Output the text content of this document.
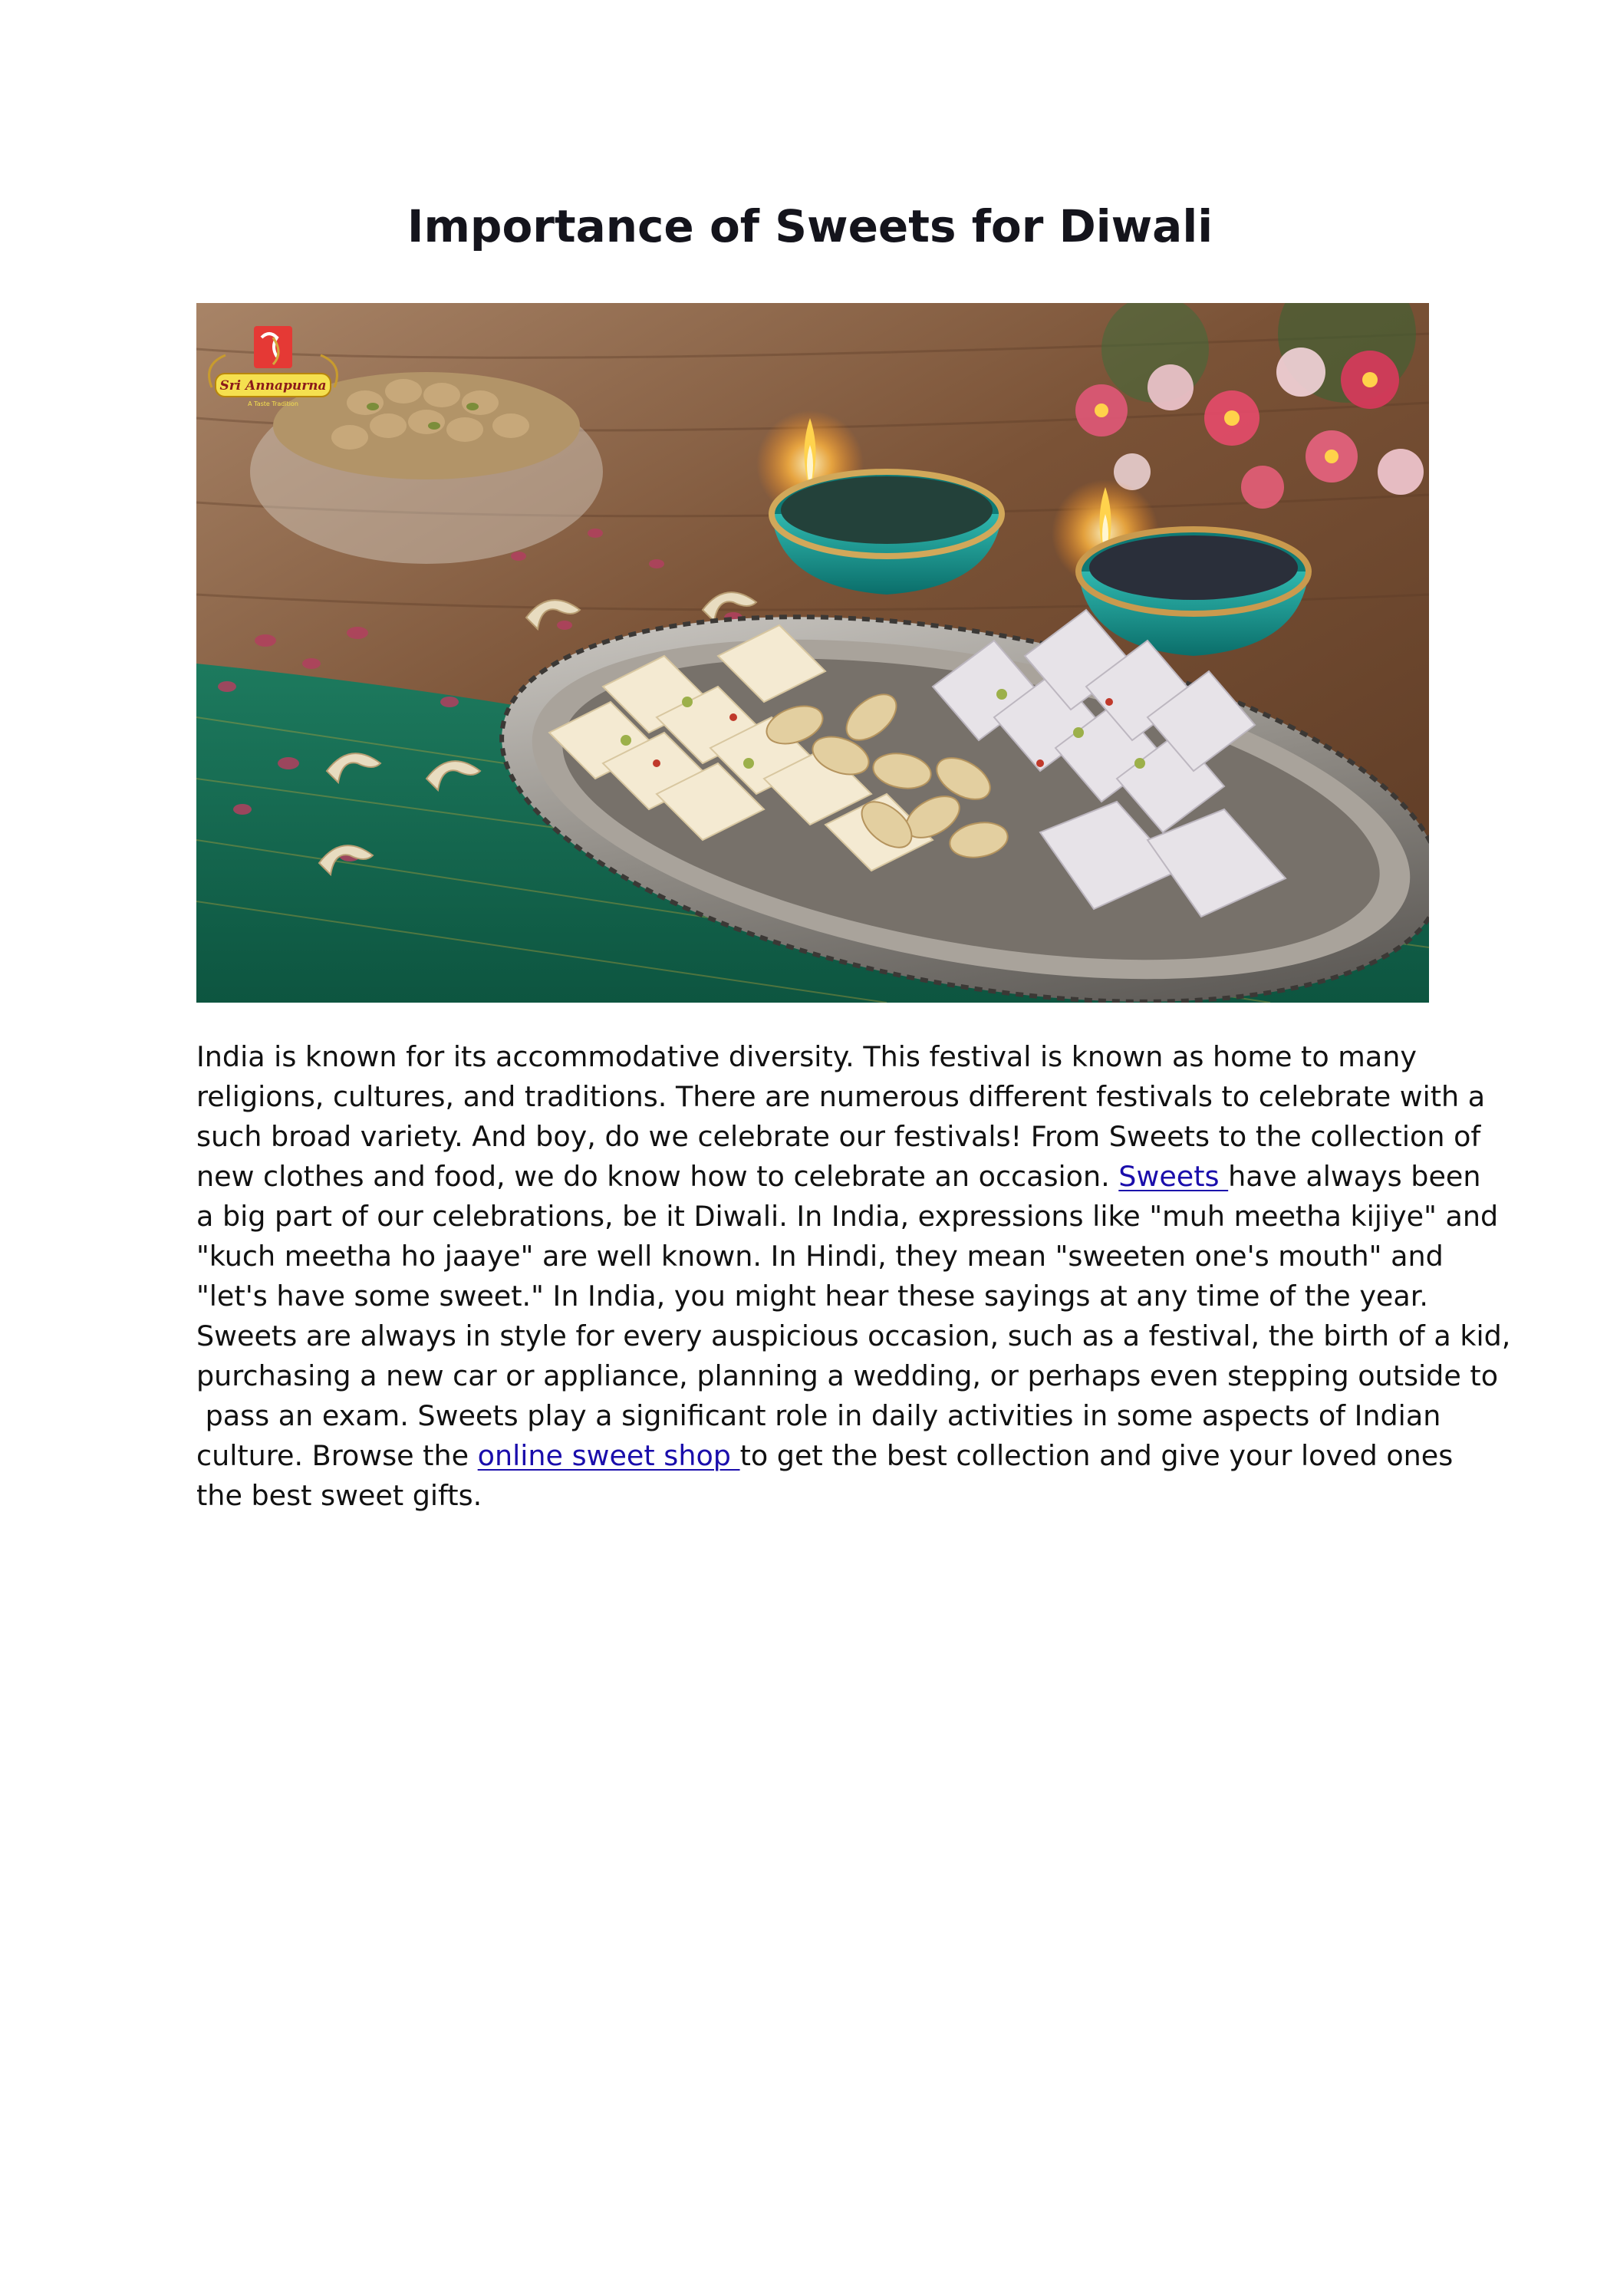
Importance of Sweets for Diwali
Sri Annapurna
A Taste Tradition
India is known for its accommodative diversity. This festival is known as home to many
religions, cultures, and traditions. There are numerous different festivals to celebrate with a
such broad variety. And boy, do we celebrate our festivals! From Sweets to the collection of
new clothes and food, we do know how to celebrate an occasion. Sweets have always been
a big part of our celebrations, be it Diwali. In India, expressions like "muh meetha kijiye" and
"kuch meetha ho jaaye" are well known. In Hindi, they mean "sweeten one's mouth" and
"let's have some sweet." In India, you might hear these sayings at any time of the year.
Sweets are always in style for every auspicious occasion, such as a festival, the birth of a kid,
purchasing a new car or appliance, planning a wedding, or perhaps even stepping outside to
pass an exam. Sweets play a significant role in daily activities in some aspects of Indian
culture. Browse the online sweet shop to get the best collection and give your loved ones
the best sweet gifts.
